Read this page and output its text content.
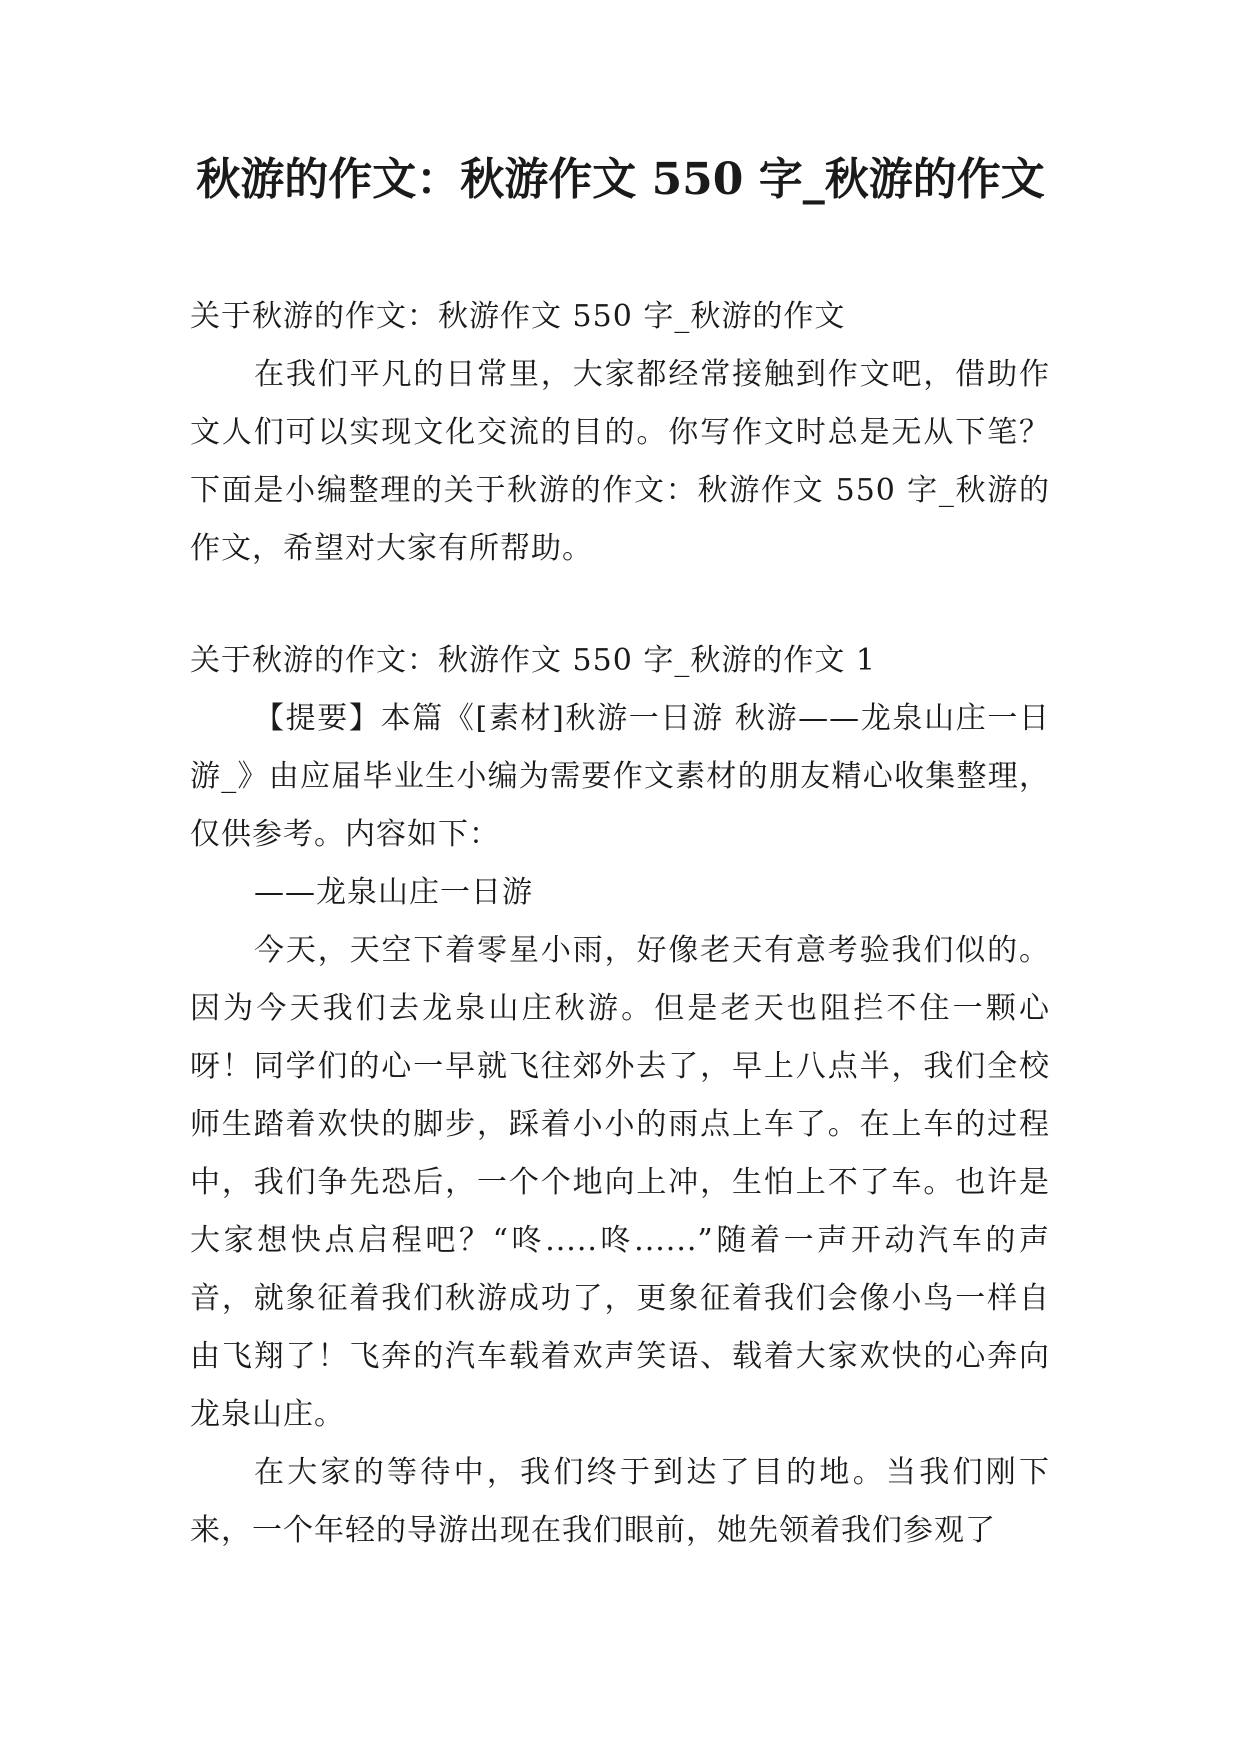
秋游的作文：秋游作文 550 字_秋游的作文

关于秋游的作文：秋游作文 550 字_秋游的作文

在我们平凡的日常里，大家都经常接触到作文吧，借助作文人们可以实现文化交流的目的。你写作文时总是无从下笔？下面是小编整理的关于秋游的作文：秋游作文 550 字_秋游的作文，希望对大家有所帮助。

关于秋游的作文：秋游作文 550 字_秋游的作文 1

【提要】本篇《[素材]秋游一日游 秋游——龙泉山庄一日游_》由应届毕业生小编为需要作文素材的朋友精心收集整理，仅供参考。内容如下：

——龙泉山庄一日游

今天，天空下着零星小雨，好像老天有意考验我们似的。因为今天我们去龙泉山庄秋游。但是老天也阻拦不住一颗心呀！同学们的心一早就飞往郊外去了，早上八点半，我们全校师生踏着欢快的脚步，踩着小小的雨点上车了。在上车的过程中，我们争先恐后，一个个地向上冲，生怕上不了车。也许是大家想快点启程吧？“咚.....咚......”随着一声开动汽车的声音，就象征着我们秋游成功了，更象征着我们会像小鸟一样自由飞翔了！飞奔的汽车载着欢声笑语、载着大家欢快的心奔向龙泉山庄。

在大家的等待中，我们终于到达了目的地。当我们刚下来，一个年轻的导游出现在我们眼前，她先领着我们参观了
